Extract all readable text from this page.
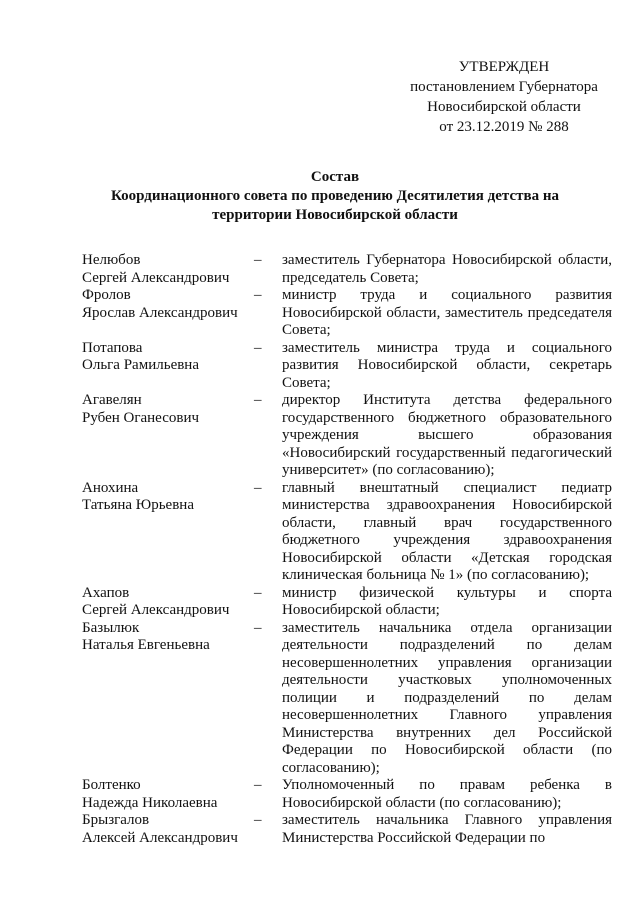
УТВЕРЖДЕН
постановлением Губернатора
Новосибирской области
от 23.12.2019 № 288
Состав
Координационного совета по проведению Десятилетия детства на
территории Новосибирской области
Нелюбов
Сергей Александрович
–	заместитель Губернатора Новосибирской области, председатель Совета;
Фролов
Ярослав Александрович
–	министр труда и социального развития Новосибирской области, заместитель председателя Совета;
Потапова
Ольга Рамильевна
–	заместитель министра труда и социального развития Новосибирской области, секретарь Совета;
Агавелян
Рубен Оганесович
–	директор Института детства федерального государственного бюджетного образовательного учреждения высшего образования «Новосибирский государственный педагогический университет» (по согласованию);
Анохина
Татьяна Юрьевна
–	главный внештатный специалист педиатр министерства здравоохранения Новосибирской области, главный врач государственного бюджетного учреждения здравоохранения Новосибирской области «Детская городская клиническая больница № 1» (по согласованию);
Ахапов
Сергей Александрович
–	министр физической культуры и спорта Новосибирской области;
Базылюк
Наталья Евгеньевна
–	заместитель начальника отдела организации деятельности подразделений по делам несовершеннолетних управления организации деятельности участковых уполномоченных полиции и подразделений по делам несовершеннолетних Главного управления Министерства внутренних дел Российской Федерации по Новосибирской области (по согласованию);
Болтенко
Надежда Николаевна
–	Уполномоченный по правам ребенка в Новосибирской области (по согласованию);
Брызгалов
Алексей Александрович
–	заместитель начальника Главного управления Министерства Российской Федерации по
